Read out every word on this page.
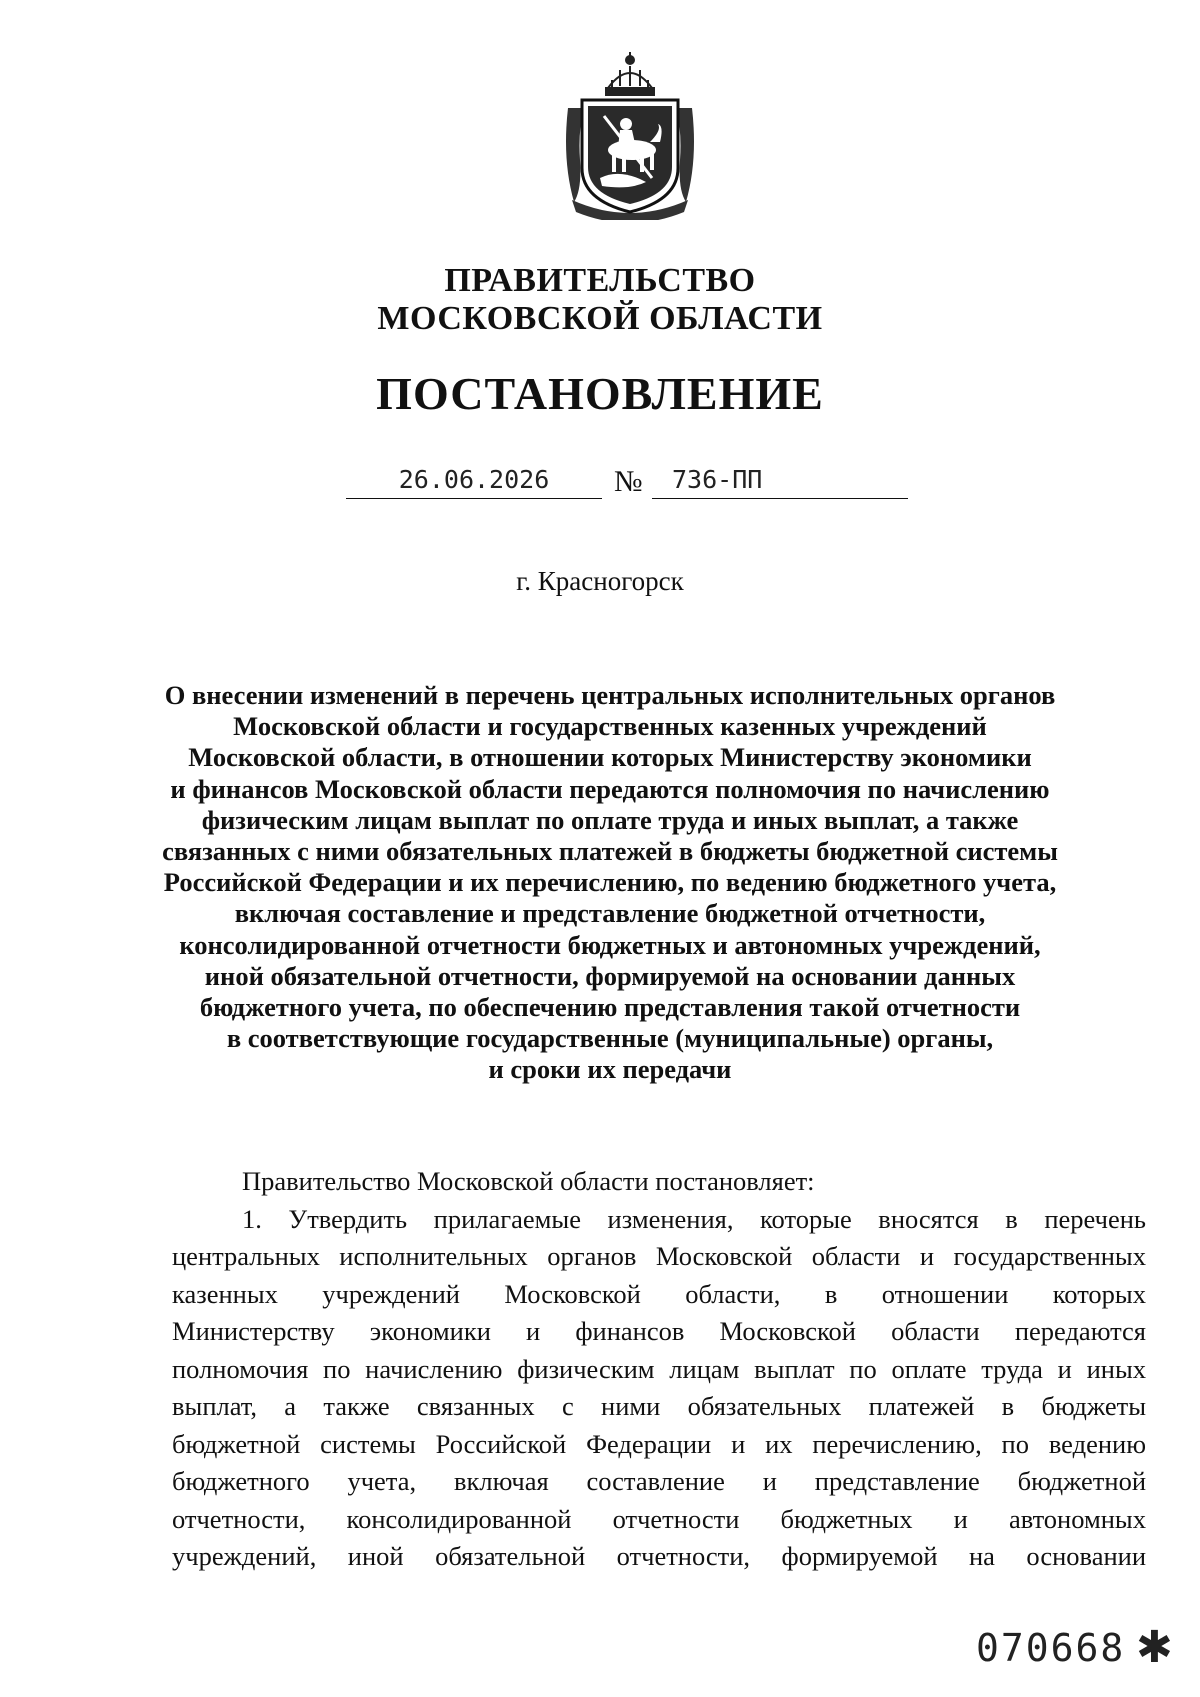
ПРАВИТЕЛЬСТВО
МОСКОВСКОЙ ОБЛАСТИ
ПОСТАНОВЛЕНИЕ
26.06.2026	№	736-ПП
г. Красногорск
О внесении изменений в перечень центральных исполнительных органов
Московской области и государственных казенных учреждений
Московской области, в отношении которых Министерству экономики
и финансов Московской области передаются полномочия по начислению
физическим лицам выплат по оплате труда и иных выплат, а также
связанных с ними обязательных платежей в бюджеты бюджетной системы
Российской Федерации и их перечислению, по ведению бюджетного учета,
включая составление и представление бюджетной отчетности,
консолидированной отчетности бюджетных и автономных учреждений,
иной обязательной отчетности, формируемой на основании данных
бюджетного учета, по обеспечению представления такой отчетности
в соответствующие государственные (муниципальные) органы,
и сроки их передачи
Правительство Московской области постановляет:
1. Утвердить прилагаемые изменения, которые вносятся в перечень
центральных исполнительных органов Московской области и государственных
казенных учреждений Московской области, в отношении которых
Министерству экономики и финансов Московской области передаются
полномочия по начислению физическим лицам выплат по оплате труда и иных
выплат, а также связанных с ними обязательных платежей в бюджеты
бюджетной системы Российской Федерации и их перечислению, по ведению
бюджетного учета, включая составление и представление бюджетной
отчетности, консолидированной отчетности бюджетных и автономных
учреждений, иной обязательной отчетности, формируемой на основании
070668 ✱
